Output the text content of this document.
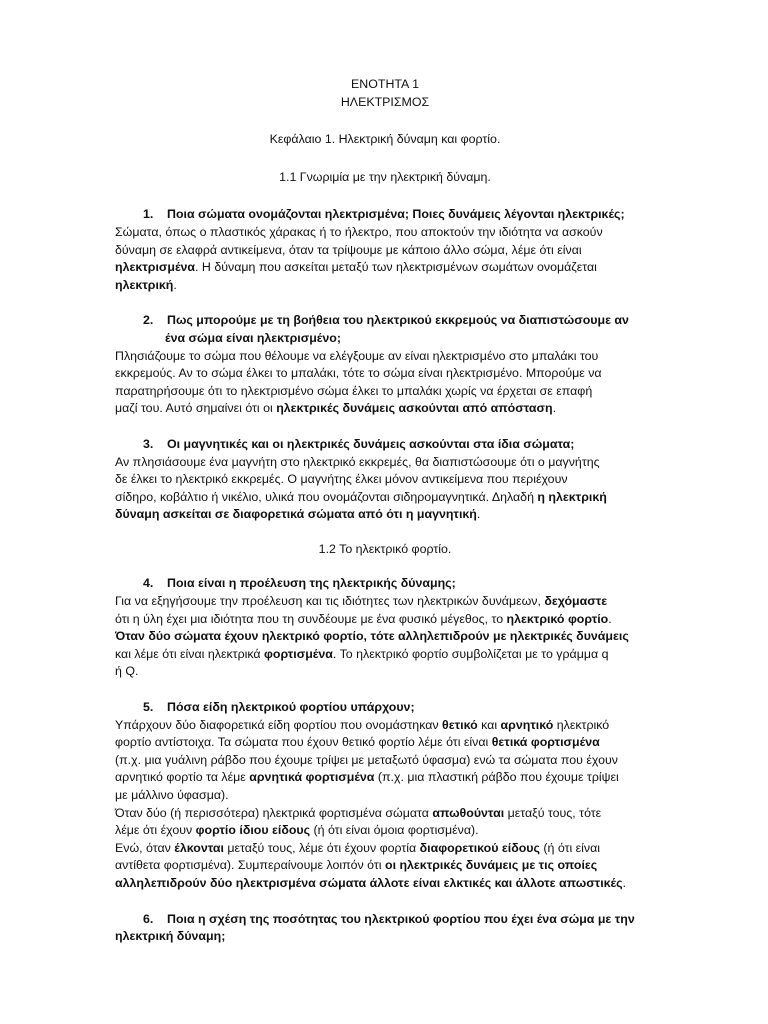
ΕΝΟΤΗΤΑ 1
ΗΛΕΚΤΡΙΣΜΟΣ
Κεφάλαιο 1. Ηλεκτρική δύναμη και φορτίο.
1.1 Γνωριμία με την ηλεκτρική δύναμη.
1. Ποια σώματα ονομάζονται ηλεκτρισμένα; Ποιες δυνάμεις λέγονται ηλεκτρικές;
Σώματα, όπως ο πλαστικός χάρακας ή το ήλεκτρο, που αποκτούν την ιδιότητα να ασκούν
δύναμη σε ελαφρά αντικείμενα, όταν τα τρίψουμε με κάποιο άλλο σώμα, λέμε ότι είναι
ηλεκτρισμένα. Η δύναμη που ασκείται μεταξύ των ηλεκτρισμένων σωμάτων ονομάζεται
ηλεκτρική.
2. Πως μπορούμε με τη βοήθεια του ηλεκτρικού εκκρεμούς να διαπιστώσουμε αν
ένα σώμα είναι ηλεκτρισμένο;
Πλησιάζουμε το σώμα που θέλουμε να ελέγξουμε αν είναι ηλεκτρισμένο στο μπαλάκι του
εκκρεμούς. Αν το σώμα έλκει το μπαλάκι, τότε το σώμα είναι ηλεκτρισμένο. Μπορούμε να
παρατηρήσουμε ότι το ηλεκτρισμένο σώμα έλκει το μπαλάκι χωρίς να έρχεται σε επαφή
μαζί του. Αυτό σημαίνει ότι οι ηλεκτρικές δυνάμεις ασκούνται από απόσταση.
3. Οι μαγνητικές και οι ηλεκτρικές δυνάμεις ασκούνται στα ίδια σώματα;
Αν πλησιάσουμε ένα μαγνήτη στο ηλεκτρικό εκκρεμές, θα διαπιστώσουμε ότι ο μαγνήτης
δε έλκει το ηλεκτρικό εκκρεμές. Ο μαγνήτης έλκει μόνον αντικείμενα που περιέχουν
σίδηρο, κοβάλτιο ή νικέλιο, υλικά που ονομάζονται σιδηρομαγνητικά. Δηλαδή η ηλεκτρική
δύναμη ασκείται σε διαφορετικά σώματα από ότι η μαγνητική.
1.2 Το ηλεκτρικό φορτίο.
4. Ποια είναι η προέλευση της ηλεκτρικής δύναμης;
Για να εξηγήσουμε την προέλευση και τις ιδιότητες των ηλεκτρικών δυνάμεων, δεχόμαστε
ότι η ύλη έχει μια ιδιότητα που τη συνδέουμε με ένα φυσικό μέγεθος, το ηλεκτρικό φορτίο.
Όταν δύο σώματα έχουν ηλεκτρικό φορτίο, τότε αλληλεπιδρούν με ηλεκτρικές δυνάμεις
και λέμε ότι είναι ηλεκτρικά φορτισμένα. Το ηλεκτρικό φορτίο συμβολίζεται με το γράμμα q
ή Q.
5. Πόσα είδη ηλεκτρικού φορτίου υπάρχουν;
Υπάρχουν δύο διαφορετικά είδη φορτίου που ονομάστηκαν θετικό και αρνητικό ηλεκτρικό
φορτίο αντίστοιχα. Τα σώματα που έχουν θετικό φορτίο λέμε ότι είναι θετικά φορτισμένα
(π.χ. μια γυάλινη ράβδο που έχουμε τρίψει με μεταξωτό ύφασμα) ενώ τα σώματα που έχουν
αρνητικό φορτίο τα λέμε αρνητικά φορτισμένα (π.χ. μια πλαστική ράβδο που έχουμε τρίψει
με μάλλινο ύφασμα).
Όταν δύο (ή περισσότερα) ηλεκτρικά φορτισμένα σώματα απωθούνται μεταξύ τους, τότε
λέμε ότι έχουν φορτίο ίδιου είδους (ή ότι είναι όμοια φορτισμένα).
Ενώ, όταν έλκονται μεταξύ τους, λέμε ότι έχουν φορτία διαφορετικού είδους (ή ότι είναι
αντίθετα φορτισμένα). Συμπεραίνουμε λοιπόν ότι οι ηλεκτρικές δυνάμεις με τις οποίες
αλληλεπιδρούν δύο ηλεκτρισμένα σώματα άλλοτε είναι ελκτικές και άλλοτε απωστικές.
6. Ποια η σχέση της ποσότητας του ηλεκτρικού φορτίου που έχει ένα σώμα με την
ηλεκτρική δύναμη;
